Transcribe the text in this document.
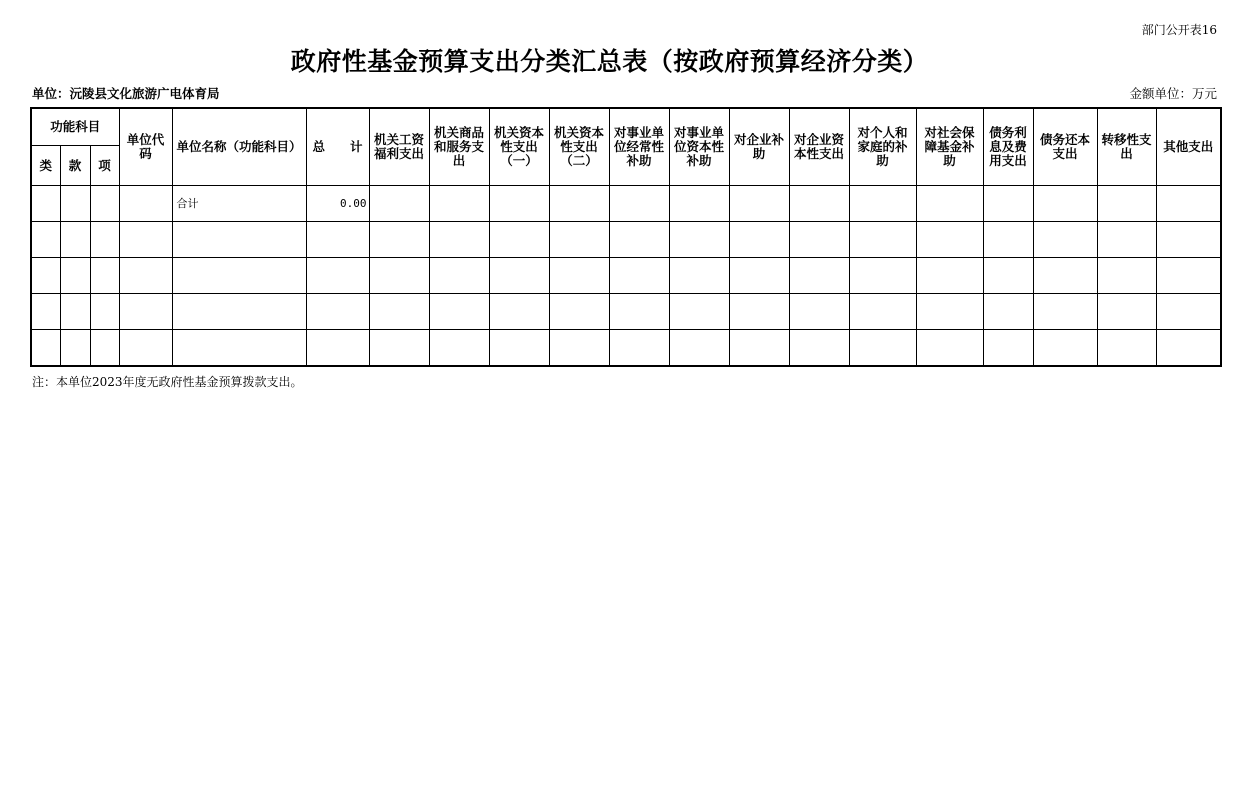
部门公开表16
政府性基金预算支出分类汇总表（按政府预算经济分类）
单位：沅陵县文化旅游广电体育局	金额单位：万元
功能科目			单位代码	单位名称（功能科目）	总　　计	机关工资福利支出	机关商品和服务支出	机关资本性支出（一）	机关资本性支出（二）	对事业单位经常性补助	对事业单位资本性补助	对企业补助	对企业资本性支出	对个人和家庭的补助	对社会保障基金补助	债务利息及费用支出	债务还本支出	转移性支出	其他支出
类	款	项																	
				合计	0.00														

注：本单位2023年度无政府性基金预算拨款支出。
